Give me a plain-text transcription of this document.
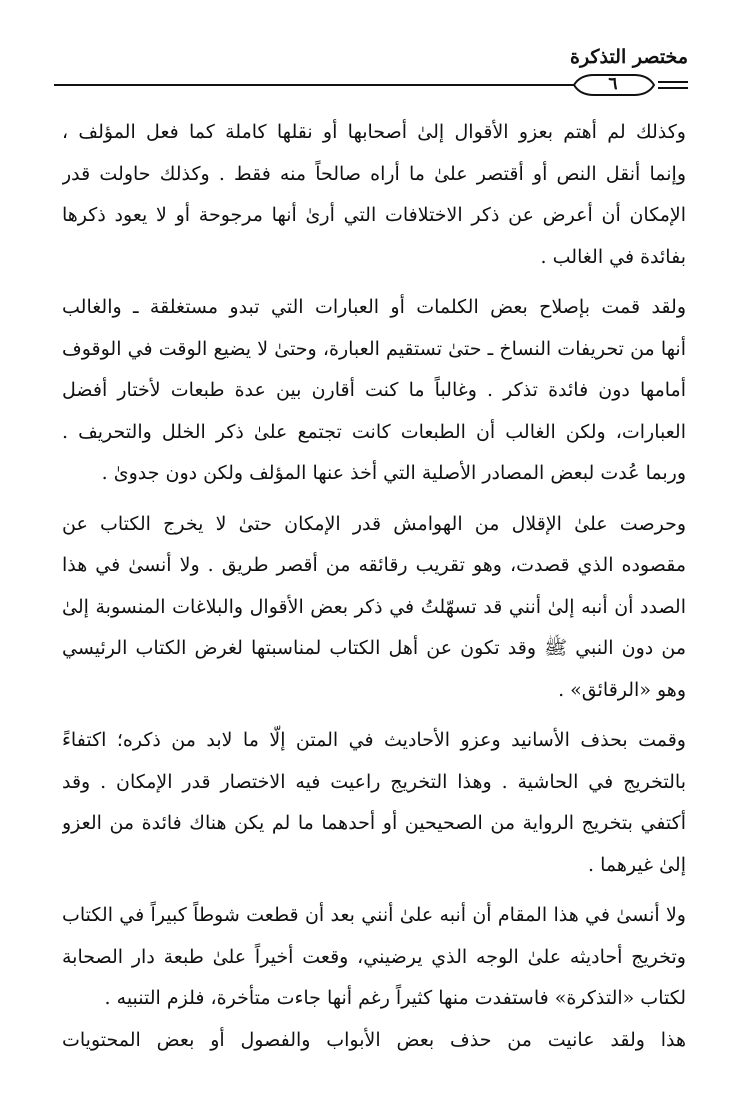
مختصر التذكرة
٦
وكذلك لم أهتم بعزو الأقوال إلىٰ أصحابها أو نقلها كاملة كما فعل المؤلف ،
وإنما أنقل النص أو أقتصر علىٰ ما أراه صالحاً منه فقط . وكذلك حاولت قدر
الإمكان أن أعرض عن ذكر الاختلافات التي أرىٰ أنها مرجوحة أو لا يعود ذكرها
بفائدة في الغالب .
ولقد قمت بإصلاح بعض الكلمات أو العبارات التي تبدو مستغلقة ـ والغالب
أنها من تحريفات النساخ ـ حتىٰ تستقيم العبارة، وحتىٰ لا يضيع الوقت في الوقوف
أمامها دون فائدة تذكر . وغالباً ما كنت أقارن بين عدة طبعات لأختار أفضل
العبارات، ولكن الغالب أن الطبعات كانت تجتمع علىٰ ذكر الخلل والتحريف .
وربما عُدت لبعض المصادر الأصلية التي أخذ عنها المؤلف ولكن دون جدوىٰ .
وحرصت علىٰ الإقلال من الهوامش قدر الإمكان حتىٰ لا يخرج الكتاب عن
مقصوده الذي قصدت، وهو تقريب رقائقه من أقصر طريق . ولا أنسىٰ في هذا
الصدد أن أنبه إلىٰ أنني قد تسهّلتُ في ذكر بعض الأقوال والبلاغات المنسوبة إلىٰ
من دون النبي ﷺ وقد تكون عن أهل الكتاب لمناسبتها لغرض الكتاب الرئيسي
وهو «الرقائق» .
وقمت بحذف الأسانيد وعزو الأحاديث في المتن إلّا ما لابد من ذكره؛ اكتفاءً
بالتخريج في الحاشية . وهذا التخريج راعيت فيه الاختصار قدر الإمكان . وقد
أكتفي بتخريج الرواية من الصحيحين أو أحدهما ما لم يكن هناك فائدة من العزو
إلىٰ غيرهما .
ولا أنسىٰ في هذا المقام أن أنبه علىٰ أنني بعد أن قطعت شوطاً كبيراً في الكتاب
وتخريج أحاديثه علىٰ الوجه الذي يرضيني، وقعت أخيراً علىٰ طبعة دار الصحابة
لكتاب «التذكرة» فاستفدت منها كثيراً رغم أنها جاءت متأخرة، فلزم التنبيه .
هذا ولقد عانيت من حذف بعض الأبواب والفصول أو بعض المحتويات
